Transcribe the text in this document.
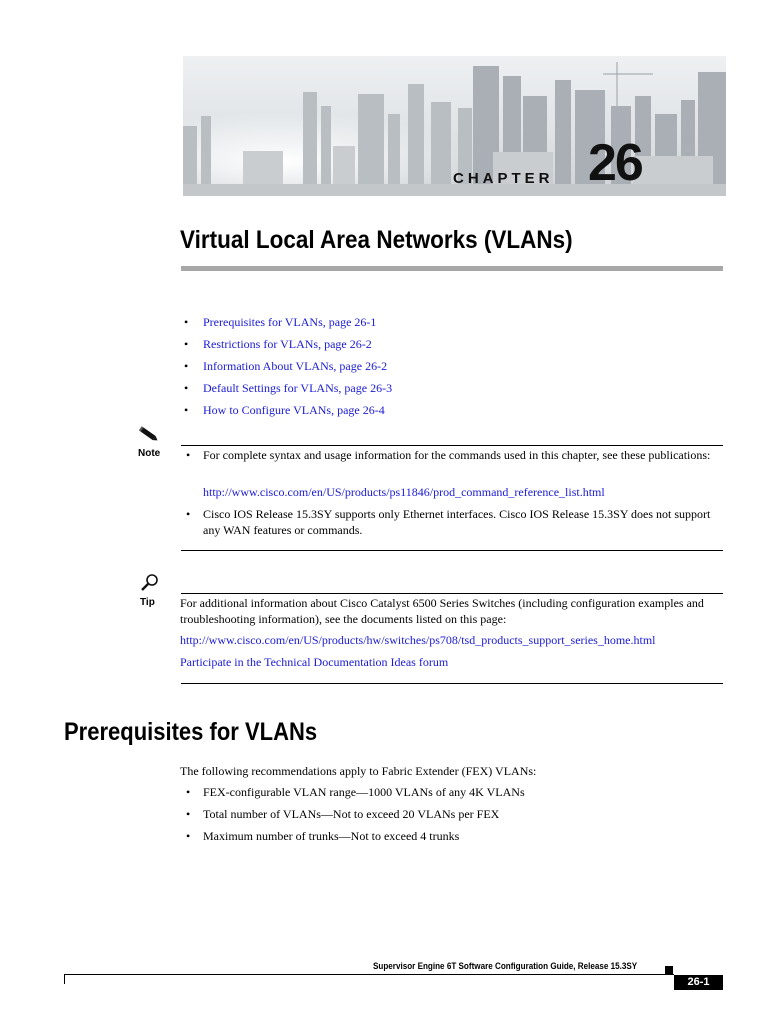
CHAPTER 26
Virtual Local Area Networks (VLANs)
• Prerequisites for VLANs, page 26-1
• Restrictions for VLANs, page 26-2
• Information About VLANs, page 26-2
• Default Settings for VLANs, page 26-3
• How to Configure VLANs, page 26-4
Note • For complete syntax and usage information for the commands used in this chapter, see these publications:
http://www.cisco.com/en/US/products/ps11846/prod_command_reference_list.html
• Cisco IOS Release 15.3SY supports only Ethernet interfaces. Cisco IOS Release 15.3SY does not support any WAN features or commands.
Tip For additional information about Cisco Catalyst 6500 Series Switches (including configuration examples and troubleshooting information), see the documents listed on this page:
http://www.cisco.com/en/US/products/hw/switches/ps708/tsd_products_support_series_home.html
Participate in the Technical Documentation Ideas forum
Prerequisites for VLANs
The following recommendations apply to Fabric Extender (FEX) VLANs:
• FEX-configurable VLAN range—1000 VLANs of any 4K VLANs
• Total number of VLANs—Not to exceed 20 VLANs per FEX
• Maximum number of trunks—Not to exceed 4 trunks
Supervisor Engine 6T Software Configuration Guide, Release 15.3SY
26-1
